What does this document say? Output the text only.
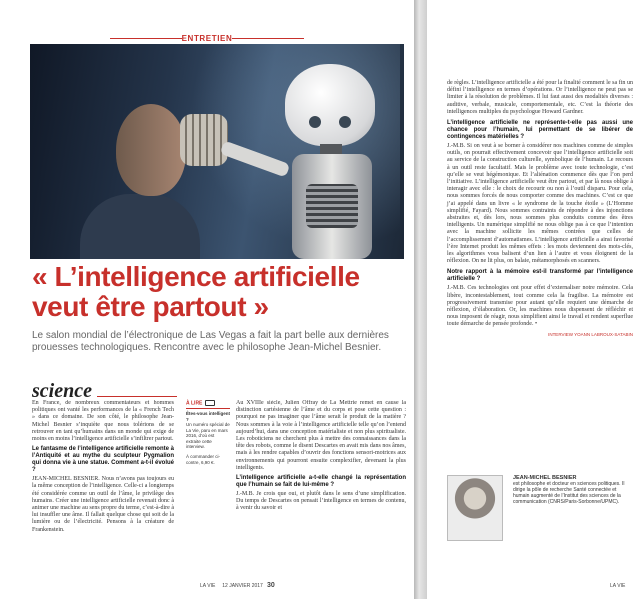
ENTRETIEN
« L’intelligence artificielle veut être partout »

Le salon mondial de l’électronique de Las Vegas a fait la part belle aux dernières prouesses technologiques. Rencontre avec le philosophe Jean-Michel Besnier.

science

En France, de nombreux commentateurs et hommes politiques ont vanté les performances de la « French Tech » dans ce domaine. De son côté, le philosophe Jean-Michel Besnier s’inquiète que nous tolérions de se retrouver en tant qu’humains dans un monde qui exige de moins en moins l’intelligence artificielle s’infiltrer partout.

Le fantasme de l’intelligence artificielle remonte à l’Antiquité et au mythe du sculpteur Pygmalion qui donna vie à une statue. Comment a-t-il évolué ?

JEAN-MICHEL BESNIER. Nous n’avons pas toujours eu la même conception de l’intelligence. Celle-ci a longtemps été considérée comme un outil de l’âme, le privilège des humains. Créer une intelligence artificielle revenait donc à animer une machine au sens propre du terme, c’est-à-dire à lui insuffler une âme. Il fallait quelque chose qui soit de la lumière ou de l’électricité. Pensons à la créature de Frankenstein.

À LIRE
Êtes-vous intelligent ?
Un numéro spécial de La Vie, paru en mars 2016, d’où est extraite cette interview.
À commander ci-contre, 6,90 €.

Au XVIIIe siècle, Julien Offray de La Mettrie remet en cause la distinction cartésienne de l’âme et du corps et pose cette question : pourquoi ne pas imaginer que l’âme serait le produit de la matière ? Nous sommes à la voie à l’intelligence artificielle telle qu’on l’entend aujourd’hui, dans une conception matérialiste et non plus spiritualiste. Les roboticiens ne cherchent plus à mettre des connaissances dans la tête des robots, comme le disent Descartes en avait mis dans nos âmes, mais à les rendre capables d’ouvrir des fonctions sensori-motrices aux environnements qui pourront ensuite complexifier, devenant la plus intelligents.

L’intelligence artificielle a-t-elle changé la représentation que l’humain se fait de lui-même ?

J.-M.B. Je crois que oui, et plutôt dans le sens d’une simplification. Du temps de Descartes on pensait l’intelligence en termes de contenu, à venir du savoir et

LA VIE 12 JANVIER 2017 30

de règles. L’intelligence artificielle a été pour la finalité comment le sa fin un défini l’intelligence en termes d’opérations. Or l’intelligence ne peut pas se limiter à la résolution de problèmes. Il lui faut aussi des modalités diverses : auditive, verbale, musicale, comportementale, etc. C’est la théorie des intelligences multiples du psychologue Howard Gardner.

L’intelligence artificielle ne représente-t-elle pas aussi une chance pour l’humain, lui permettant de se libérer de contingences matérielles ?

J.-M.B. Si on veut à se borner à considérer nos machines comme de simples outils, on pourrait effectivement concevoir que l’intelligence artificielle soit au service de la construction culturelle, symbolique de l’humain. Le recours à un outil reste facultatif. Mais le problème avec toute technologie, c’est qu’elle se veut hégémonique. Et l’aliénation commence dès que l’on perd l’initiative. L’intelligence artificielle veut être partout, et par là nous oblige à interagir avec elle : le choix de recourir ou non à l’outil disparu. Pour cela, nous sommes forcés de nous comporter comme des machines. C’est ce que j’ai appelé dans un livre « le syndrome de la touche étoile » (L’Homme simplifié, Fayard). Nous sommes contraints de répondre à des injonctions abstraites et, dès lors, nous sommes plus conduits comme des êtres intelligents. Un numérique simplifié ne nous oblige pas à ce que l’intention avec la machine sollicite les mêmes contrées que celles de l’accomplissement d’automatismes. L’intelligence artificielle a ainsi favorisé l’ère Internet produit les mêmes effets : les mots deviennent des mots-clés, les algorithmes vous balisent d’un lien à l’autre et vous éloignent de la réflexion. On ne lit plus, on balaie, métamorphosés en scanners.

Notre rapport à la mémoire est-il transformé par l’intelligence artificielle ?

J.-M.B. Ces technologies ont pour effet d’externaliser notre mémoire. Cela libère, incontestablement, tout comme cela la fragilise. La mémoire est progressivement transmise pour autant qu’elle requiert une démarche de réflexion, d’élaboration. Or, les machines nous dispensent de réfléchir et nous imposent de réagir, nous simplifient ainsi le travail et rendent superflue toute démarche de pensée profonde. •

INTERVIEW YOANN LABROUX-SATABIN

JEAN-MICHEL BESNIER
est philosophe et docteur en sciences politiques. Il dirige la pôle de recherche Santé connectée et humain augmenté de l’Institut des sciences de la communication (CNRS/Paris-Sorbonne/UPMC).
LA VIE
